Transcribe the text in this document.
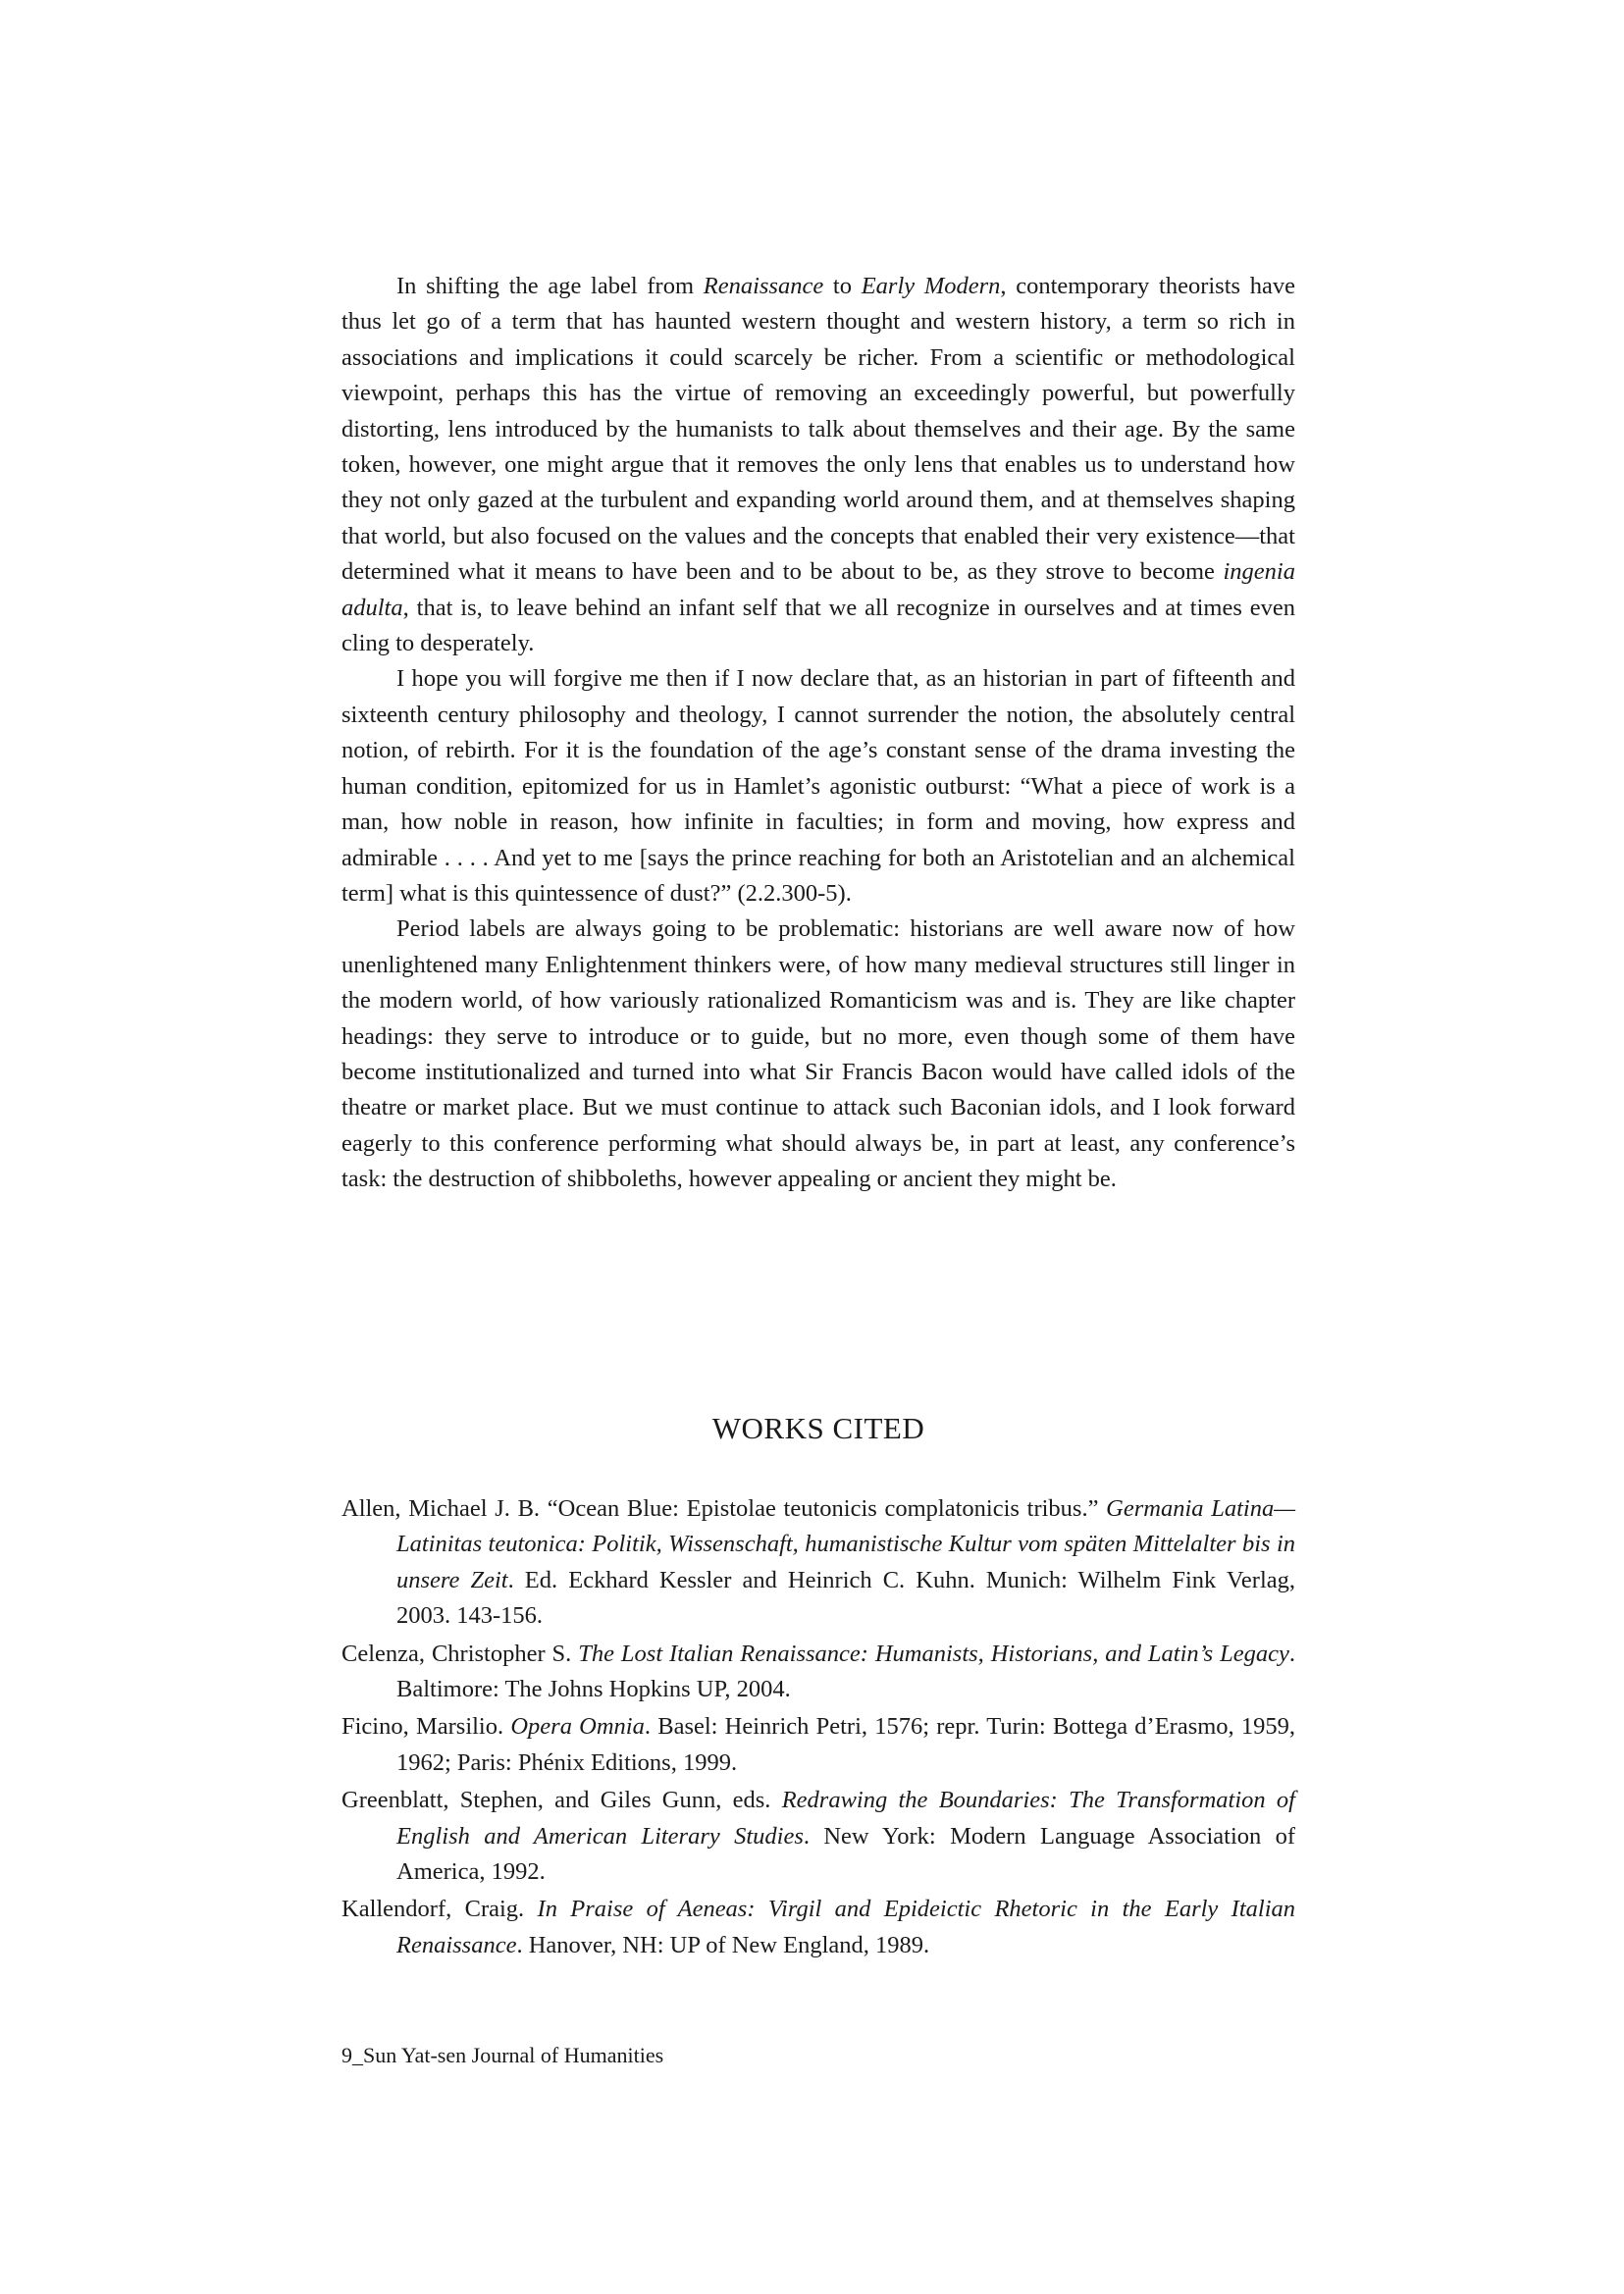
In shifting the age label from Renaissance to Early Modern, contemporary theorists have thus let go of a term that has haunted western thought and western history, a term so rich in associations and implications it could scarcely be richer. From a scientific or methodological viewpoint, perhaps this has the virtue of removing an exceedingly powerful, but powerfully distorting, lens introduced by the humanists to talk about themselves and their age. By the same token, however, one might argue that it removes the only lens that enables us to understand how they not only gazed at the turbulent and expanding world around them, and at themselves shaping that world, but also focused on the values and the concepts that enabled their very existence—that determined what it means to have been and to be about to be, as they strove to become ingenia adulta, that is, to leave behind an infant self that we all recognize in ourselves and at times even cling to desperately.

I hope you will forgive me then if I now declare that, as an historian in part of fifteenth and sixteenth century philosophy and theology, I cannot surrender the notion, the absolutely central notion, of rebirth. For it is the foundation of the age’s constant sense of the drama investing the human condition, epitomized for us in Hamlet’s agonistic outburst: “What a piece of work is a man, how noble in reason, how infinite in faculties; in form and moving, how express and admirable . . . . And yet to me [says the prince reaching for both an Aristotelian and an alchemical term] what is this quintessence of dust?” (2.2.300-5).

Period labels are always going to be problematic: historians are well aware now of how unenlightened many Enlightenment thinkers were, of how many medieval structures still linger in the modern world, of how variously rationalized Romanticism was and is. They are like chapter headings: they serve to introduce or to guide, but no more, even though some of them have become institutionalized and turned into what Sir Francis Bacon would have called idols of the theatre or market place. But we must continue to attack such Baconian idols, and I look forward eagerly to this conference performing what should always be, in part at least, any conference’s task: the destruction of shibboleths, however appealing or ancient they might be.

WORKS CITED
Allen, Michael J. B. “Ocean Blue: Epistolae teutonicis complatonicis tribus.” Germania Latina—Latinitas teutonica: Politik, Wissenschaft, humanistische Kultur vom späten Mittelalter bis in unsere Zeit. Ed. Eckhard Kessler and Heinrich C. Kuhn. Munich: Wilhelm Fink Verlag, 2003. 143-156.
Celenza, Christopher S. The Lost Italian Renaissance: Humanists, Historians, and Latin’s Legacy. Baltimore: The Johns Hopkins UP, 2004.
Ficino, Marsilio. Opera Omnia. Basel: Heinrich Petri, 1576; repr. Turin: Bottega d’Erasmo, 1959, 1962; Paris: Phénix Editions, 1999.
Greenblatt, Stephen, and Giles Gunn, eds. Redrawing the Boundaries: The Transformation of English and American Literary Studies. New York: Modern Language Association of America, 1992.
Kallendorf, Craig. In Praise of Aeneas: Virgil and Epideictic Rhetoric in the Early Italian Renaissance. Hanover, NH: UP of New England, 1989.
9_Sun Yat-sen Journal of Humanities
